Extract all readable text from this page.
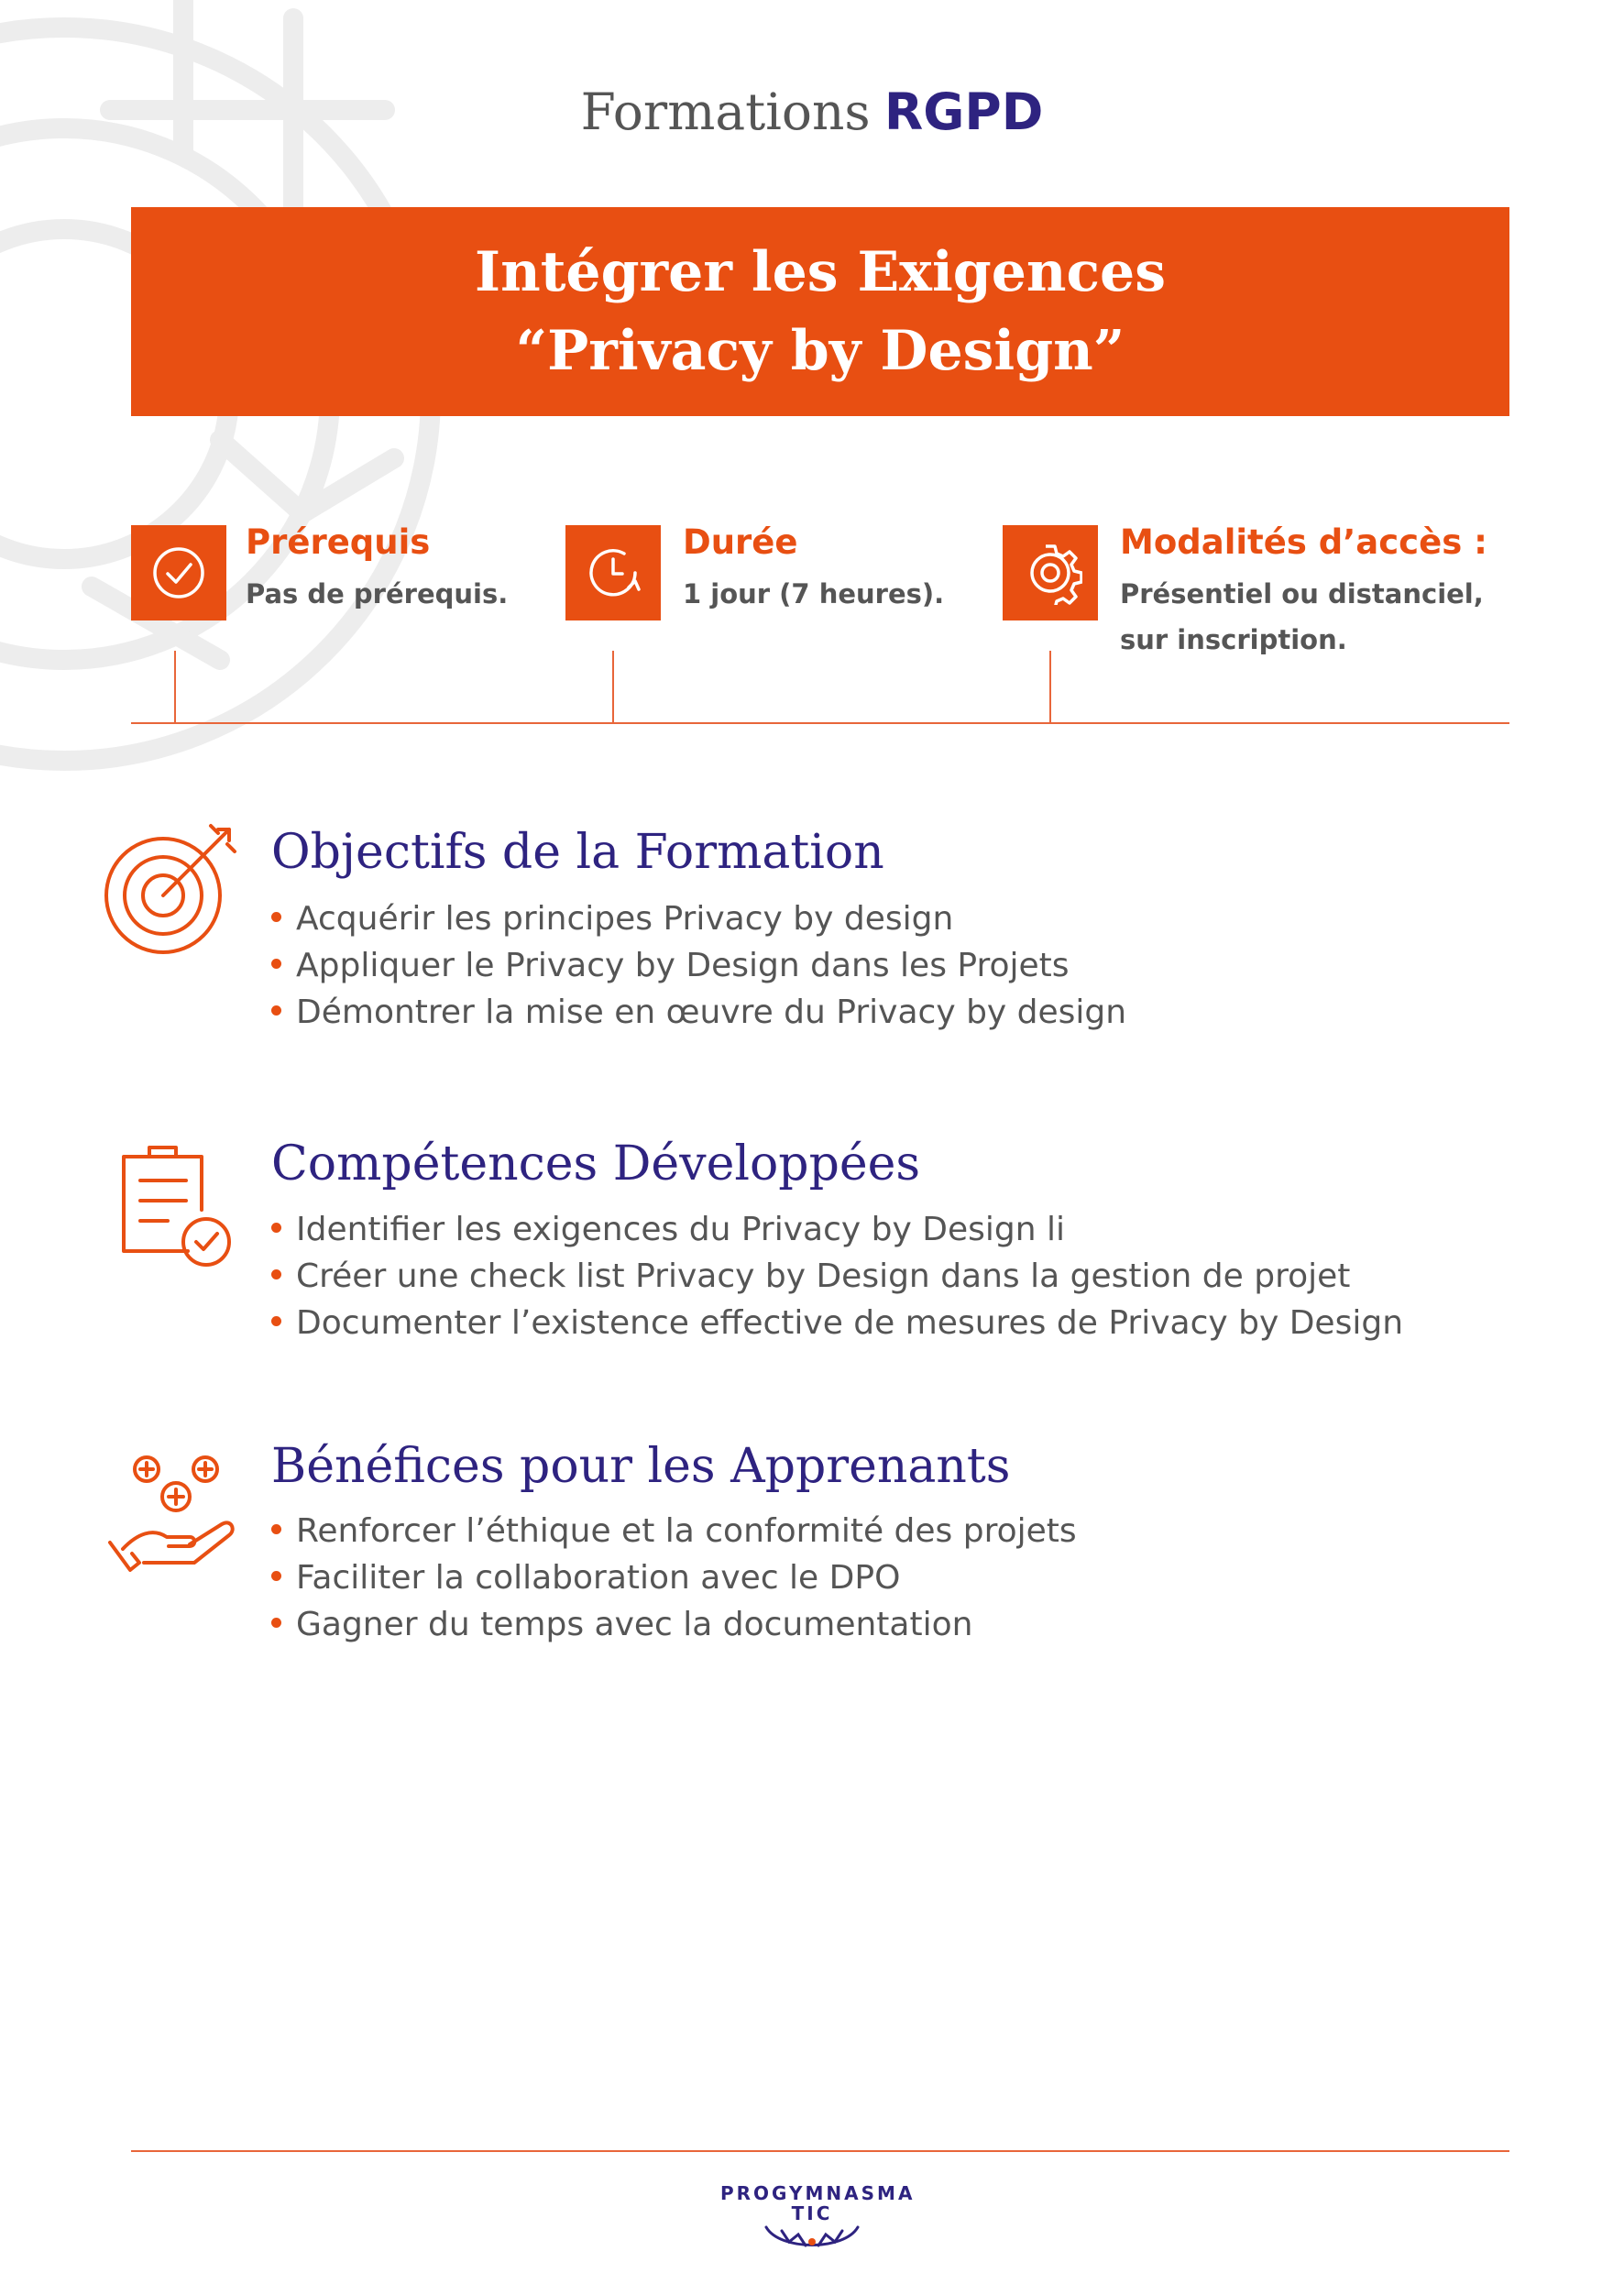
Formations RGPD
Intégrer les Exigences
“Privacy by Design”
Prérequis
Pas de prérequis.
Durée
1 jour (7 heures).
Modalités d’accès :
Présentiel ou distanciel,
sur inscription.
Objectifs de la Formation
Acquérir les principes Privacy by design
Appliquer le Privacy by Design dans les Projets
Démontrer la mise en œuvre du Privacy by design
Compétences Développées
Identifier les exigences du Privacy by Design li
Créer une check list Privacy by Design dans la gestion de projet
Documenter l’existence effective de mesures de Privacy by Design
Bénéfices pour les Apprenants
Renforcer l’éthique et la conformité des projets
Faciliter la collaboration avec le DPO
Gagner du temps avec la documentation
PROGYMNASMA
TIC
